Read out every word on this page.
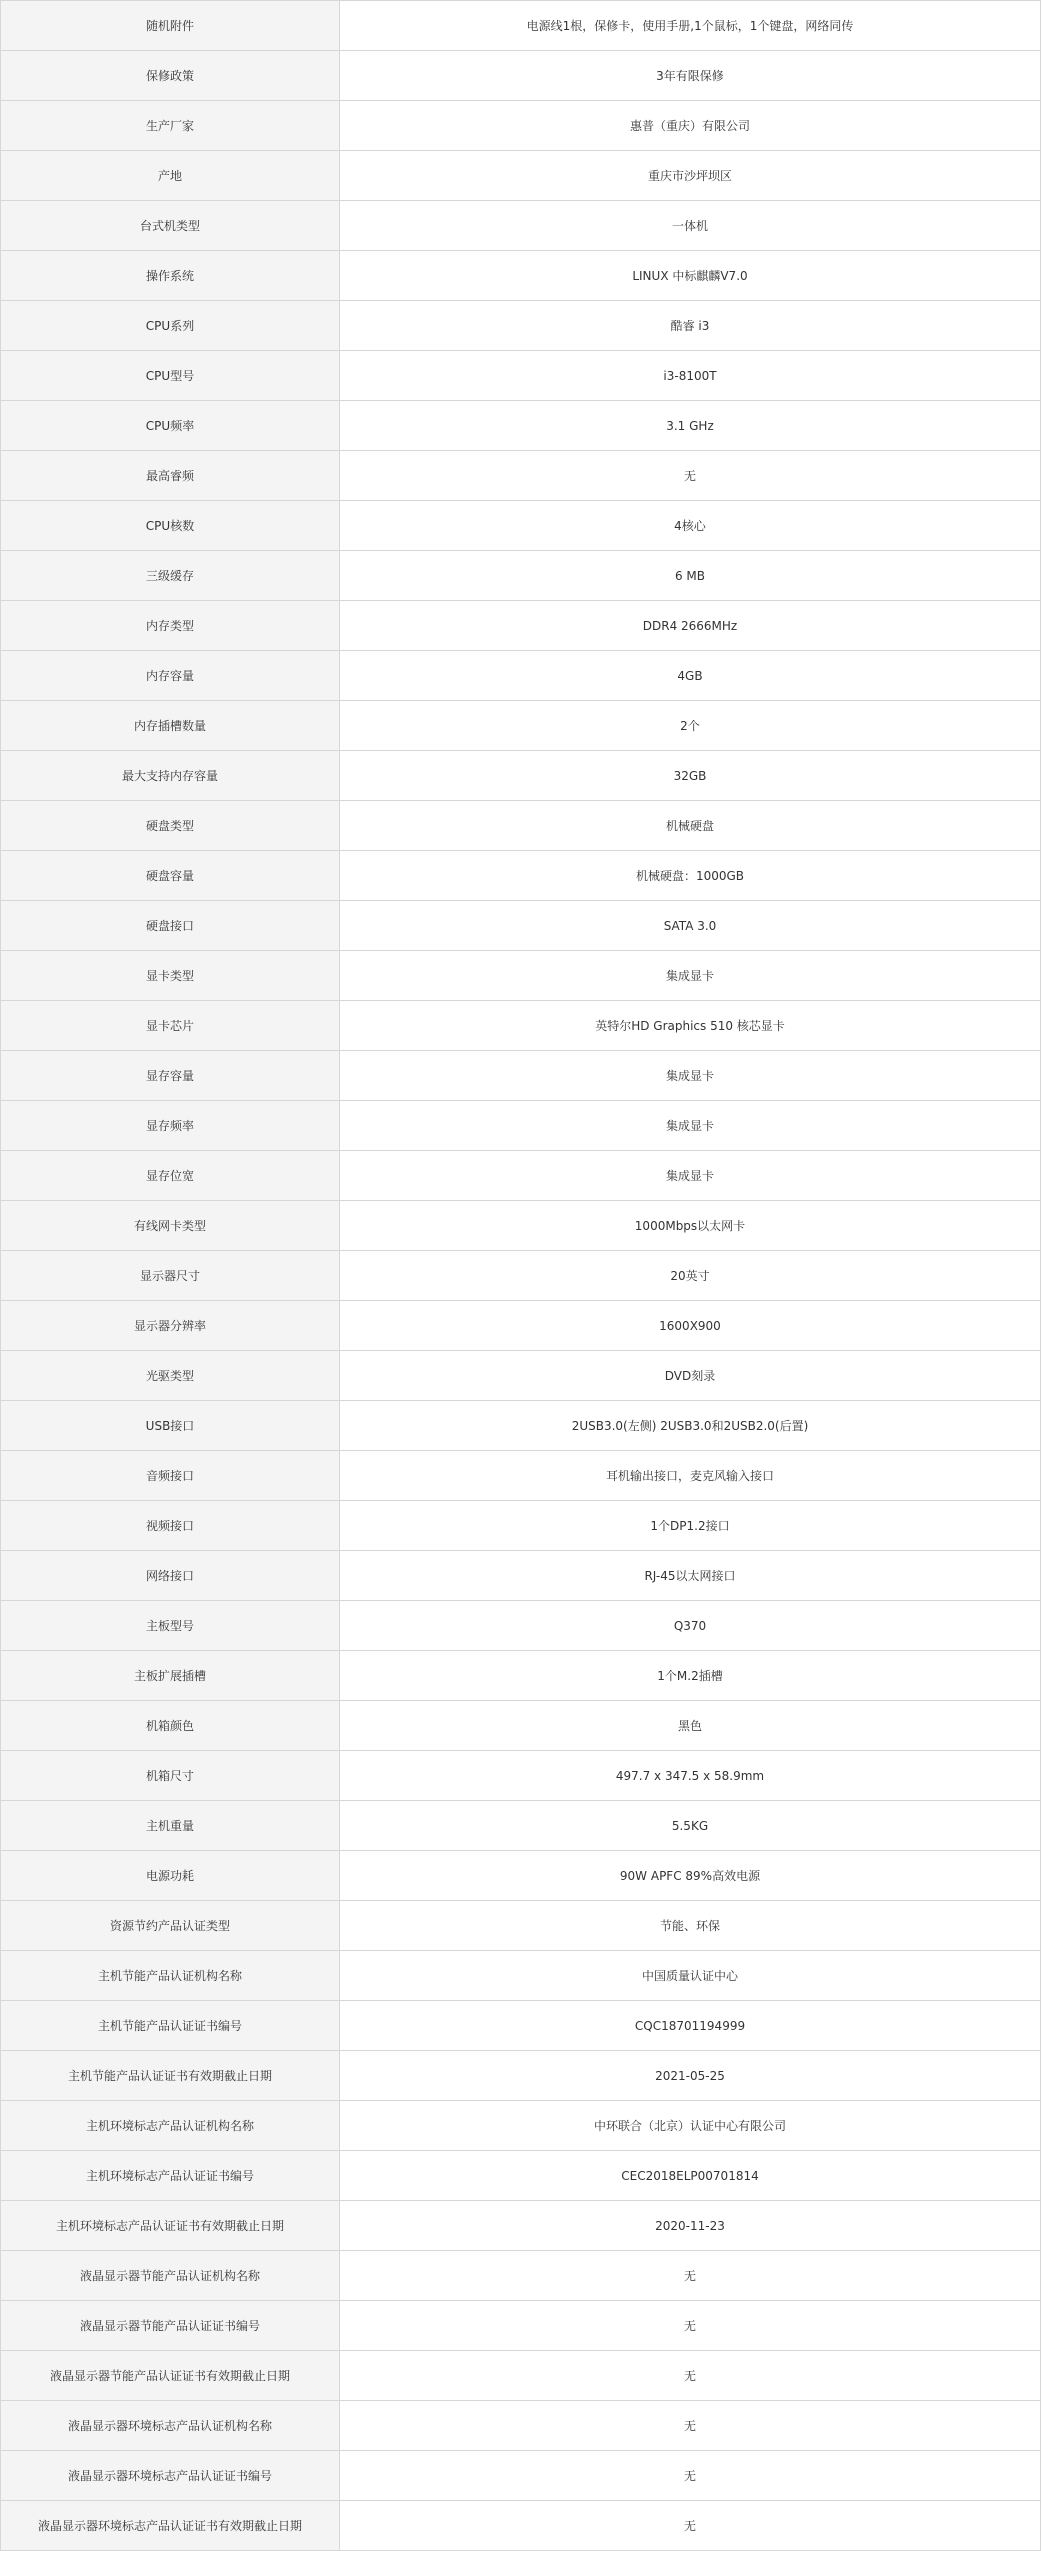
随机附件	电源线1根，保修卡，使用手册,1个鼠标，1个键盘，网络同传
保修政策	3年有限保修
生产厂家	惠普（重庆）有限公司
产地	重庆市沙坪坝区
台式机类型	一体机
操作系统	LINUX 中标麒麟V7.0
CPU系列	酷睿 i3
CPU型号	i3-8100T
CPU频率	3.1 GHz
最高睿频	无
CPU核数	4核心
三级缓存	6 MB
内存类型	DDR4 2666MHz
内存容量	4GB
内存插槽数量	2个
最大支持内存容量	32GB
硬盘类型	机械硬盘
硬盘容量	机械硬盘：1000GB
硬盘接口	SATA 3.0
显卡类型	集成显卡
显卡芯片	英特尔HD Graphics 510 核芯显卡
显存容量	集成显卡
显存频率	集成显卡
显存位宽	集成显卡
有线网卡类型	1000Mbps以太网卡
显示器尺寸	20英寸
显示器分辨率	1600X900
光驱类型	DVD刻录
USB接口	2USB3.0(左侧) 2USB3.0和2USB2.0(后置)
音频接口	耳机输出接口，麦克风输入接口
视频接口	1个DP1.2接口
网络接口	RJ-45以太网接口
主板型号	Q370
主板扩展插槽	1个M.2插槽
机箱颜色	黑色
机箱尺寸	497.7 x 347.5 x 58.9mm
主机重量	5.5KG
电源功耗	90W APFC 89%高效电源
资源节约产品认证类型	节能、环保
主机节能产品认证机构名称	中国质量认证中心
主机节能产品认证证书编号	CQC18701194999
主机节能产品认证证书有效期截止日期	2021-05-25
主机环境标志产品认证机构名称	中环联合（北京）认证中心有限公司
主机环境标志产品认证证书编号	CEC2018ELP00701814
主机环境标志产品认证证书有效期截止日期	2020-11-23
液晶显示器节能产品认证机构名称	无
液晶显示器节能产品认证证书编号	无
液晶显示器节能产品认证证书有效期截止日期	无
液晶显示器环境标志产品认证机构名称	无
液晶显示器环境标志产品认证证书编号	无
液晶显示器环境标志产品认证证书有效期截止日期	无
